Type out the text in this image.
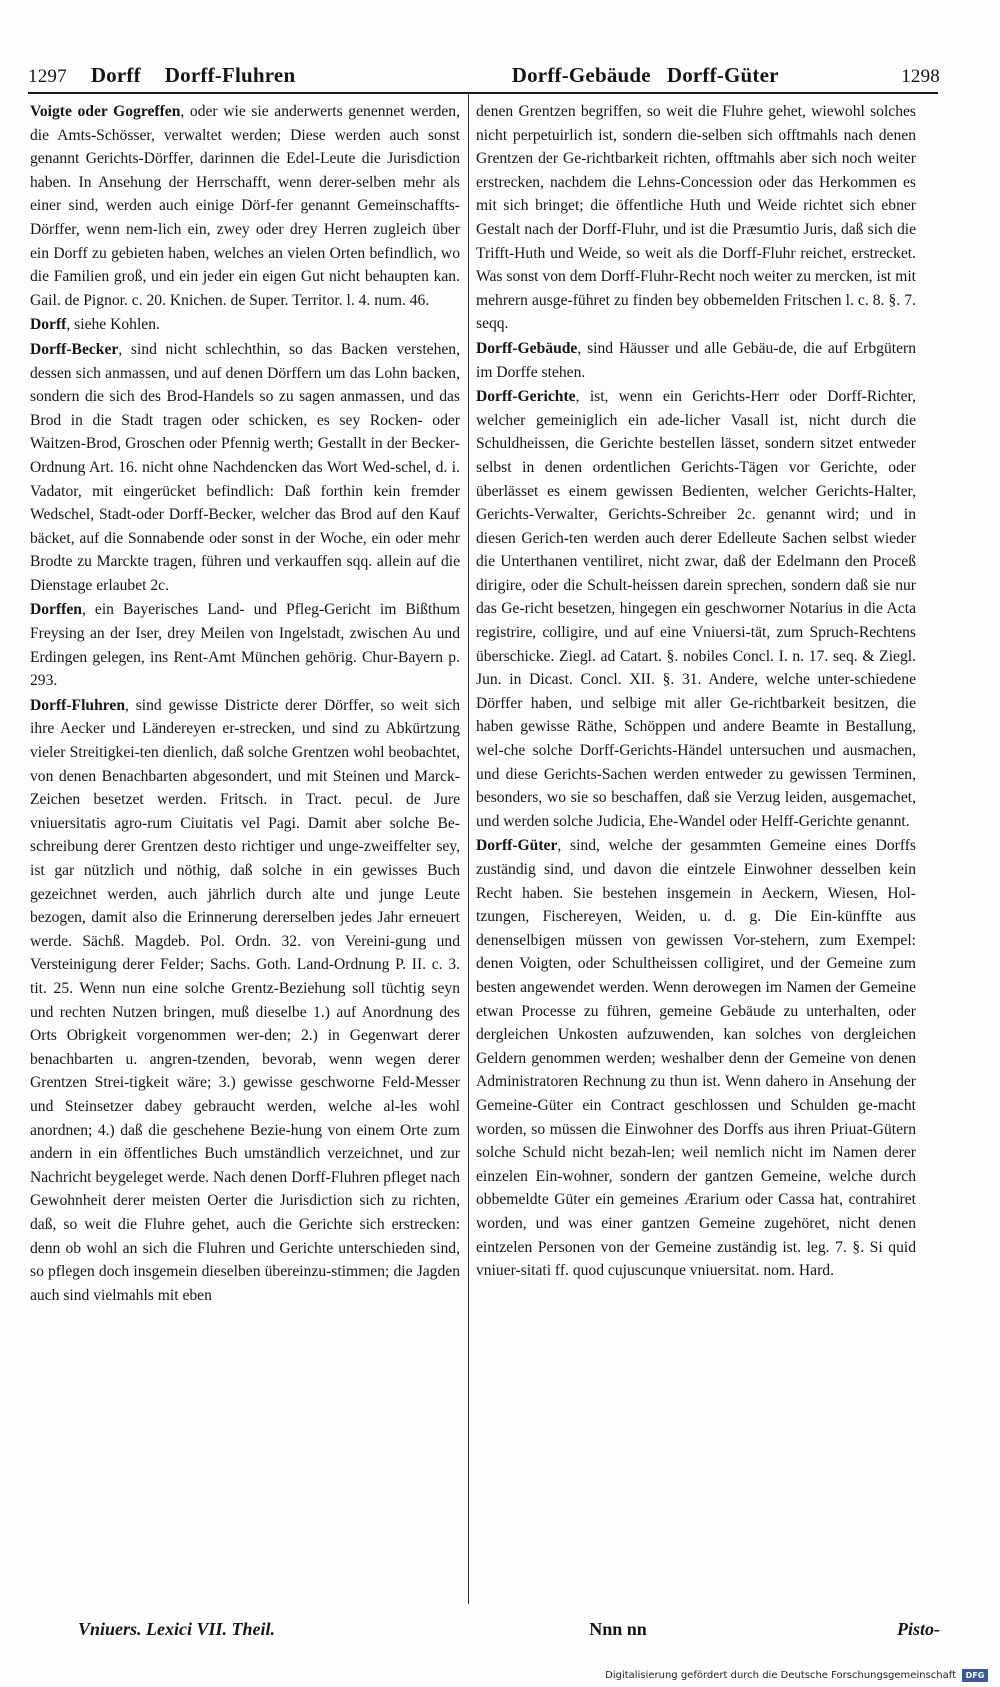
1297 Dorff Dorff-Fluhren	Dorff-Gebäude Dorff-Güter	1298

Voigte oder Gogreffen, oder wie sie anderwerts genennet werden, die Amts-Schösser, verwaltet werden; Diese werden auch sonst genannt Gerichts-Dörffer, darinnen die Edel-Leute die Jurisdiction haben. In Ansehung der Herrschafft, wenn derer-selben mehr als einer sind, werden auch einige Dörf-fer genannt Gemeinschaffts-Dörffer, wenn nem-lich ein, zwey oder drey Herren zugleich über ein Dorff zu gebieten haben, welches an vielen Orten befindlich, wo die Familien groß, und ein jeder ein eigen Gut nicht behaupten kan. Gail. de Pignor. c. 20. Knichen. de Super. Territor. l. 4. num. 46.

Dorff, siehe Kohlen.

Dorff-Becker, sind nicht schlechthin, so das Backen verstehen, dessen sich anmassen, und auf denen Dörffern um das Lohn backen, sondern die sich des Brod-Handels so zu sagen anmassen, und das Brod in die Stadt tragen oder schicken, es sey Rocken- oder Waitzen-Brod, Groschen oder Pfennig werth; Gestallt in der Becker-Ordnung Art. 16. nicht ohne Nachdencken das Wort Wed-schel, d. i. Vadator, mit eingerücket befindlich: Daß forthin kein fremder Wedschel, Stadt-oder Dorff-Becker, welcher das Brod auf den Kauf bäcket, auf die Sonnabende oder sonst in der Woche, ein oder mehr Brodte zu Marckte tragen, führen und verkauffen sqq. allein auf die Dienstage erlaubet 2c.

Dorffen, ein Bayerisches Land- und Pfleg-Gericht im Bißthum Freysing an der Iser, drey Meilen von Ingelstadt, zwischen Au und Erdingen gelegen, ins Rent-Amt München gehörig. Chur-Bayern p. 293.

Dorff-Fluhren, sind gewisse Districte derer Dörffer, so weit sich ihre Aecker und Ländereyen er-strecken, und sind zu Abkürtzung vieler Streitigkei-ten dienlich, daß solche Grentzen wohl beobachtet, von denen Benachbarten abgesondert, und mit Steinen und Marck-Zeichen besetzet werden. Fritsch. in Tract. pecul. de Jure vniuersitatis agro-rum Ciuitatis vel Pagi. Damit aber solche Be-schreibung derer Grentzen desto richtiger und unge-zweiffelter sey, ist gar nützlich und nöthig, daß solche in ein gewisses Buch gezeichnet werden, auch jährlich durch alte und junge Leute bezogen, damit also die Erinnerung dererselben jedes Jahr erneuert werde. Sächß. Magdeb. Pol. Ordn. 32. von Vereini-gung und Versteinigung derer Felder; Sachs. Goth. Land-Ordnung P. II. c. 3. tit. 25. Wenn nun eine solche Grentz-Beziehung soll tüchtig seyn und rechten Nutzen bringen, muß dieselbe 1.) auf Anordnung des Orts Obrigkeit vorgenommen wer-den; 2.) in Gegenwart derer benachbarten u. angren-tzenden, bevorab, wenn wegen derer Grentzen Strei-tigkeit wäre; 3.) gewisse geschworne Feld-Messer und Steinsetzer dabey gebraucht werden, welche al-les wohl anordnen; 4.) daß die geschehene Bezie-hung von einem Orte zum andern in ein öffentliches Buch umständlich verzeichnet, und zur Nachricht beygeleget werde. Nach denen Dorff-Fluhren pfleget nach Gewohnheit derer meisten Oerter die Jurisdiction sich zu richten, daß, so weit die Fluhre gehet, auch die Gerichte sich erstrecken: denn ob wohl an sich die Fluhren und Gerichte unterschieden sind, so pflegen doch insgemein dieselben übereinzu-stimmen; die Jagden auch sind vielmahls mit eben

denen Grentzen begriffen, so weit die Fluhre gehet, wiewohl solches nicht perpetuirlich ist, sondern die-selben sich offtmahls nach denen Grentzen der Ge-richtbarkeit richten, offtmahls aber sich noch weiter erstrecken, nachdem die Lehns-Concession oder das Herkommen es mit sich bringet; die öffentliche Huth und Weide richtet sich ebner Gestalt nach der Dorff-Fluhr, und ist die Præsumtio Juris, daß sich die Trifft-Huth und Weide, so weit als die Dorff-Fluhr reichet, erstrecket. Was sonst von dem Dorff-Fluhr-Recht noch weiter zu mercken, ist mit mehrern ausge-führet zu finden bey obbemelden Fritschen l. c. 8. §. 7. seqq.

Dorff-Gebäude, sind Häusser und alle Gebäu-de, die auf Erbgütern im Dorffe stehen.

Dorff-Gerichte, ist, wenn ein Gerichts-Herr oder Dorff-Richter, welcher gemeiniglich ein ade-licher Vasall ist, nicht durch die Schuldheissen, die Gerichte bestellen lässet, sondern sitzet entweder selbst in denen ordentlichen Gerichts-Tägen vor Gerichte, oder überlässet es einem gewissen Bedienten, welcher Gerichts-Halter, Gerichts-Verwalter, Gerichts-Schreiber 2c. genannt wird; und in diesen Gerich-ten werden auch derer Edelleute Sachen selbst wieder die Unterthanen ventiliret, nicht zwar, daß der Edelmann den Proceß dirigire, oder die Schult-heissen darein sprechen, sondern daß sie nur das Ge-richt besetzen, hingegen ein geschworner Notarius in die Acta registrire, colligire, und auf eine Vniuersi-tät, zum Spruch-Rechtens überschicke. Ziegl. ad Catart. §. nobiles Concl. I. n. 17. seq. & Ziegl. Jun. in Dicast. Concl. XII. §. 31. Andere, welche unter-schiedene Dörffer haben, und selbige mit aller Ge-richtbarkeit besitzen, die haben gewisse Räthe, Schöppen und andere Beamte in Bestallung, wel-che solche Dorff-Gerichts-Händel untersuchen und ausmachen, und diese Gerichts-Sachen werden entweder zu gewissen Terminen, besonders, wo sie so beschaffen, daß sie Verzug leiden, ausgemachet, und werden solche Judicia, Ehe-Wandel oder Helff-Gerichte genannt.

Dorff-Güter, sind, welche der gesammten Gemeine eines Dorffs zuständig sind, und davon die eintzele Einwohner desselben kein Recht haben. Sie bestehen insgemein in Aeckern, Wiesen, Hol-tzungen, Fischereyen, Weiden, u. d. g. Die Ein-künffte aus denenselbigen müssen von gewissen Vor-stehern, zum Exempel: denen Voigten, oder Schultheissen colligiret, und der Gemeine zum besten angewendet werden. Wenn derowegen im Namen der Gemeine etwan Processe zu führen, gemeine Gebäude zu unterhalten, oder dergleichen Unkosten aufzuwenden, kan solches von dergleichen Geldern genommen werden; weshalber denn der Gemeine von denen Administratoren Rechnung zu thun ist. Wenn dahero in Ansehung der Gemeine-Güter ein Contract geschlossen und Schulden ge-macht worden, so müssen die Einwohner des Dorffs aus ihren Priuat-Gütern solche Schuld nicht bezah-len; weil nemlich nicht im Namen derer einzelen Ein-wohner, sondern der gantzen Gemeine, welche durch obbemeldte Güter ein gemeines Ærarium oder Cassa hat, contrahiret worden, und was einer gantzen Gemeine zugehöret, nicht denen eintzelen Personen von der Gemeine zuständig ist. leg. 7. §. Si quid vniuer-sitati ff. quod cujuscunque vniuersitat. nom. Hard.

Vniuers. Lexici VII. Theil.	Nnn nn	Pisto-
Digitalisierung gefördert durch die Deutsche Forschungsgemeinschaft	DFG
